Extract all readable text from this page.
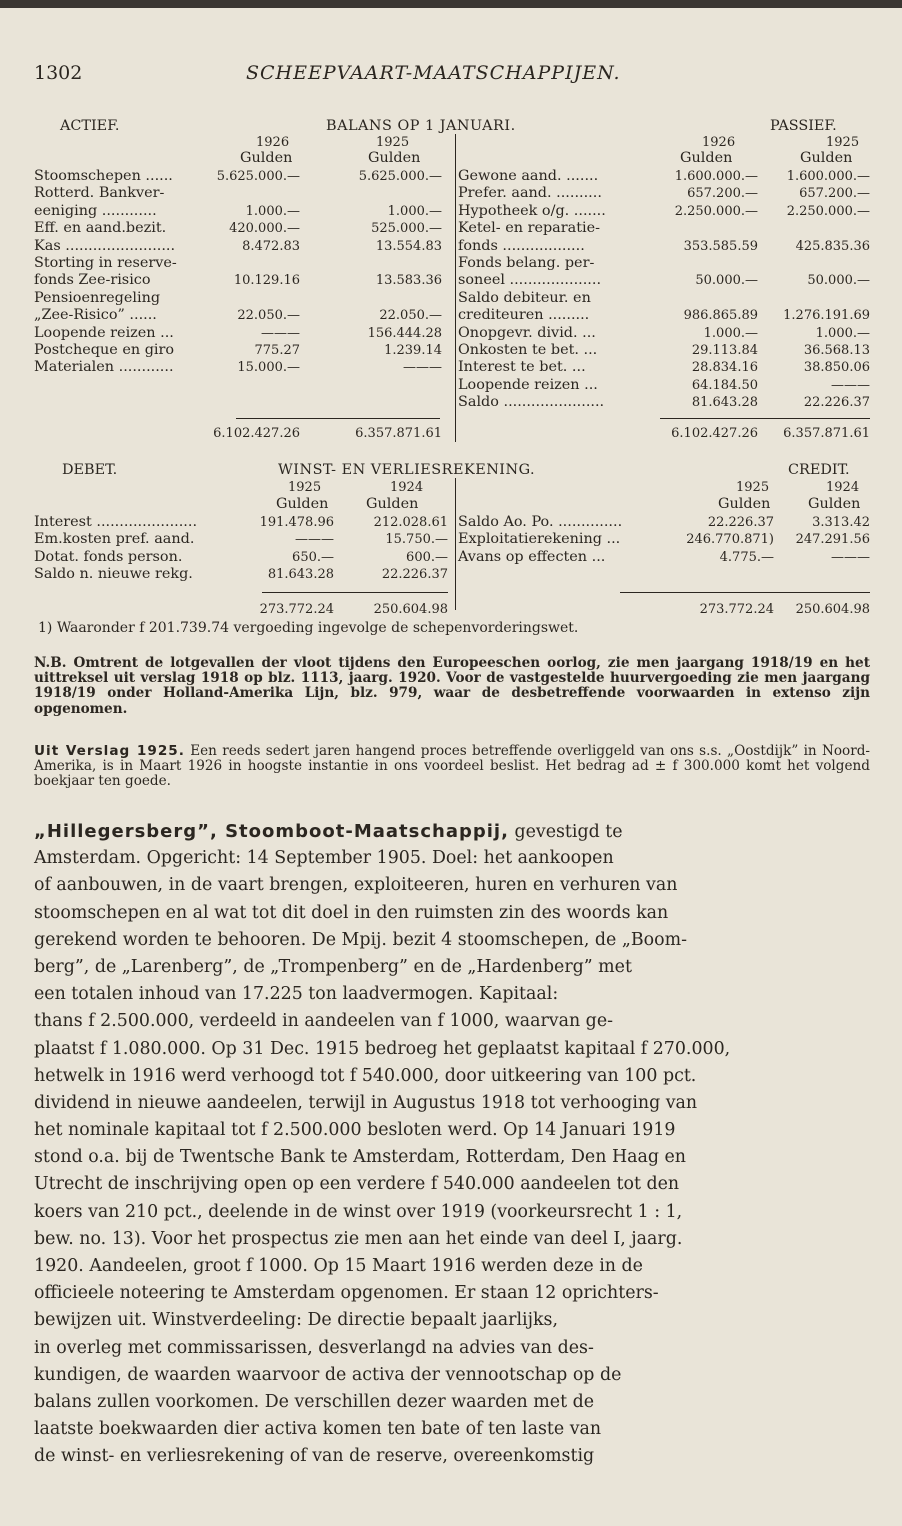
1302	SCHEEPVAART-MAATSCHAPPIJEN.
ACTIEF.	BALANS OP 1 JANUARI.	PASSIEF.
1926	1925
Gulden	Gulden
1926	1925
Gulden	Gulden
Stoomschepen ......	5.625.000.—	5.625.000.—
Rotterd. Bankver-
eeniging ............	1.000.—	1.000.—
Eff. en aand.bezit.	420.000.—	525.000.—
Kas ........................	8.472.83	13.554.83
Storting in reserve-
fonds Zee-risico	10.129.16	13.583.36
Pensioenregeling
„Zee-Risico” ......	22.050.—	22.050.—
Loopende reizen ...	———	156.444.28
Postcheque en giro	775.27	1.239.14
Materialen ............	15.000.—	———
Gewone aand. .......	1.600.000.—	1.600.000.—
Prefer. aand. ..........	657.200.—	657.200.—
Hypotheek o/g. .......	2.250.000.—	2.250.000.—
Ketel- en reparatie-
fonds ..................	353.585.59	425.835.36
Fonds belang. per-
soneel ....................	50.000.—	50.000.—
Saldo debiteur. en
crediteuren .........	986.865.89	1.276.191.69
Onopgevr. divid. ...	1.000.—	1.000.—
Onkosten te bet. ...	29.113.84	36.568.13
Interest te bet. ...	28.834.16	38.850.06
Loopende reizen ...	64.184.50	———
Saldo ......................	81.643.28	22.226.37
6.102.427.26	6.357.871.61	6.102.427.26	6.357.871.61
DEBET.	WINST- EN VERLIESREKENING.	CREDIT.
1925	1924
Gulden	Gulden
1925	1924
Gulden	Gulden
Interest ......................	191.478.96	212.028.61
Em.kosten pref. aand.	———	15.750.—
Dotat. fonds person.	650.—	600.—
Saldo n. nieuwe rekg.	81.643.28	22.226.37
Saldo Ao. Po. ..............	22.226.37	3.313.42
Exploitatierekening ...	246.770.871)	247.291.56
Avans op effecten ...	4.775.—	———
273.772.24	250.604.98	273.772.24	250.604.98
1) Waaronder f 201.739.74 vergoeding ingevolge de schepenvorderingswet.
N.B. Omtrent de lotgevallen der vloot tijdens den Europeeschen oorlog, zie men jaargang 1918/19 en het uittreksel uit verslag 1918 op blz. 1113, jaarg. 1920. Voor de vastgestelde huurvergoeding zie men jaargang 1918/19 onder Holland-Amerika Lijn, blz. 979, waar de desbetreffende voorwaarden in extenso zijn opgenomen.
Uit Verslag 1925. Een reeds sedert jaren hangend proces betreffende overliggeld van ons s.s. „Oostdijk” in Noord-Amerika, is in Maart 1926 in hoogste instantie in ons voordeel beslist. Het bedrag ad ± f 300.000 komt het volgend boekjaar ten goede.
„Hillegersberg”, Stoomboot-Maatschappij, gevestigd te
Amsterdam. Opgericht: 14 September 1905. Doel: het aankoopen
of aanbouwen, in de vaart brengen, exploiteeren, huren en verhuren van
stoomschepen en al wat tot dit doel in den ruimsten zin des woords kan
gerekend worden te behooren. De Mpij. bezit 4 stoomschepen, de „Boom-
berg”, de „Larenberg”, de „Trompenberg” en de „Hardenberg” met
een totalen inhoud van 17.225 ton laadvermogen. Kapitaal:
thans f 2.500.000, verdeeld in aandeelen van f 1000, waarvan ge-
plaatst f 1.080.000. Op 31 Dec. 1915 bedroeg het geplaatst kapitaal f 270.000,
hetwelk in 1916 werd verhoogd tot f 540.000, door uitkeering van 100 pct.
dividend in nieuwe aandeelen, terwijl in Augustus 1918 tot verhooging van
het nominale kapitaal tot f 2.500.000 besloten werd. Op 14 Januari 1919
stond o.a. bij de Twentsche Bank te Amsterdam, Rotterdam, Den Haag en
Utrecht de inschrijving open op een verdere f 540.000 aandeelen tot den
koers van 210 pct., deelende in de winst over 1919 (voorkeursrecht 1 : 1,
bew. no. 13). Voor het prospectus zie men aan het einde van deel I, jaarg.
1920. Aandeelen, groot f 1000. Op 15 Maart 1916 werden deze in de
officieele noteering te Amsterdam opgenomen. Er staan 12 oprichters-
bewijzen uit. Winstverdeeling: De directie bepaalt jaarlijks,
in overleg met commissarissen, desverlangd na advies van des-
kundigen, de waarden waarvoor de activa der vennootschap op de
balans zullen voorkomen. De verschillen dezer waarden met de
laatste boekwaarden dier activa komen ten bate of ten laste van
de winst- en verliesrekening of van de reserve, overeenkomstig
